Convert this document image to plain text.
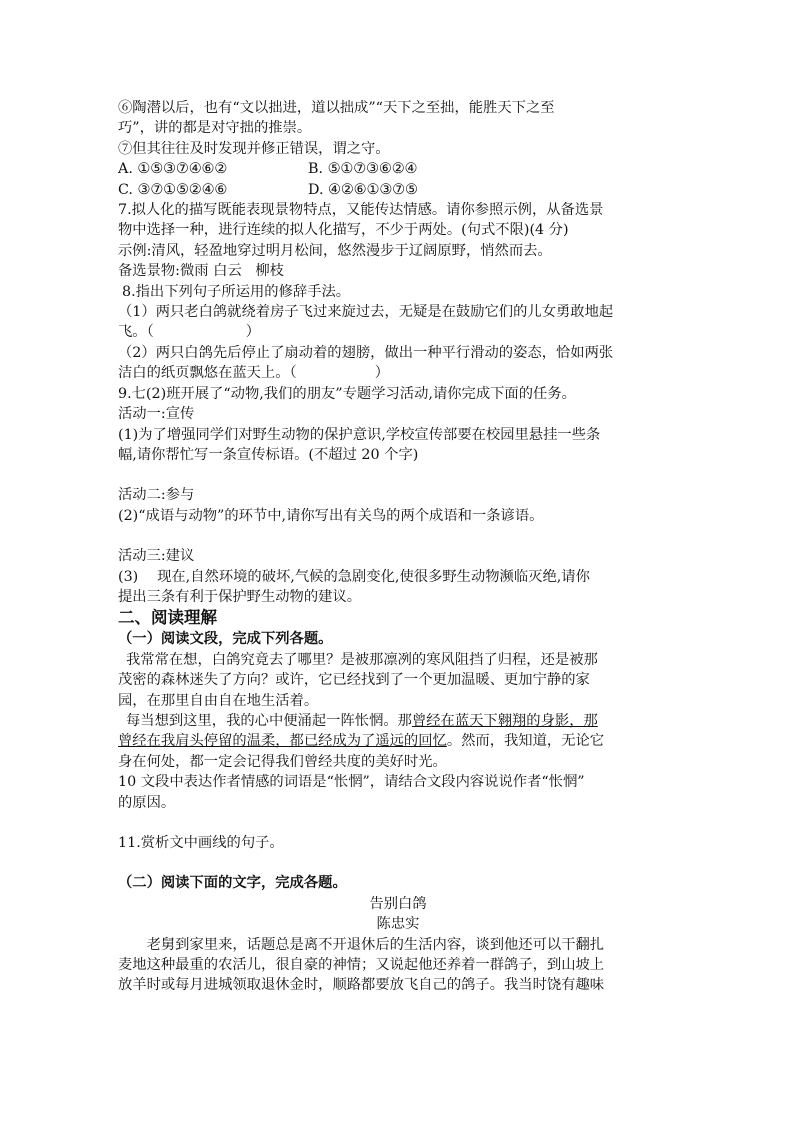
⑥陶潜以后，也有“文以拙进，道以拙成”“天下之至拙，能胜天下之至
巧”，讲的都是对守拙的推崇。
⑦但其往往及时发现并修正错误，谓之守。
A. ①⑤③⑦④⑥②	B. ⑤①⑦③⑥②④
C. ③⑦①⑤②④⑥	D. ④②⑥①③⑦⑤
7.拟人化的描写既能表现景物特点，又能传达情感。请你参照示例，从备选景
物中选择一种，进行连续的拟人化描写，不少于两处。(句式不限)(4 分)
示例:清风，轻盈地穿过明月松间，悠然漫步于辽阔原野，悄然而去。
备选景物:微雨 白云 柳枝
8.指出下列句子所运用的修辞手法。
（1）两只老白鸽就绕着房子飞过来旋过去，无疑是在鼓励它们的儿女勇敢地起
飞。（	）
（2）两只白鸽先后停止了扇动着的翅膀，做出一种平行滑动的姿态，恰如两张
洁白的纸页飘悠在蓝天上。（	）
9.七(2)班开展了“动物,我们的朋友”专题学习活动,请你完成下面的任务。
活动一:宣传
(1)为了增强同学们对野生动物的保护意识,学校宣传部要在校园里悬挂一些条
幅,请你帮忙写一条宣传标语。(不超过 20 个字)
活动二:参与
(2)“成语与动物”的环节中,请你写出有关鸟的两个成语和一条谚语。
活动三:建议
(3)　 现在,自然环境的破坏,气候的急剧变化,使很多野生动物濒临灭绝,请你
提出三条有利于保护野生动物的建议。
二、阅读理解
（一）阅读文段，完成下列各题。
我常常在想，白鸽究竟去了哪里？是被那凛冽的寒风阻挡了归程，还是被那
茂密的森林迷失了方向？或许，它已经找到了一个更加温暖、更加宁静的家
园，在那里自由自在地生活着。
每当想到这里，我的心中便涌起一阵怅惘。那曾经在蓝天下翱翔的身影，那
曾经在我肩头停留的温柔，都已经成为了遥远的回忆。然而，我知道，无论它
身在何处，都一定会记得我们曾经共度的美好时光。
10 文段中表达作者情感的词语是“怅惘”，请结合文段内容说说作者“怅惘”
的原因。
11.赏析文中画线的句子。
（二）阅读下面的文字，完成各题。
告别白鸽
陈忠实
老舅到家里来，话题总是离不开退休后的生活内容，谈到他还可以干翻扎
麦地这种最重的农活儿，很自豪的神情；又说起他还养着一群鸽子，到山坡上
放羊时或每月进城领取退休金时，顺路都要放飞自己的鸽子。我当时饶有趣味
